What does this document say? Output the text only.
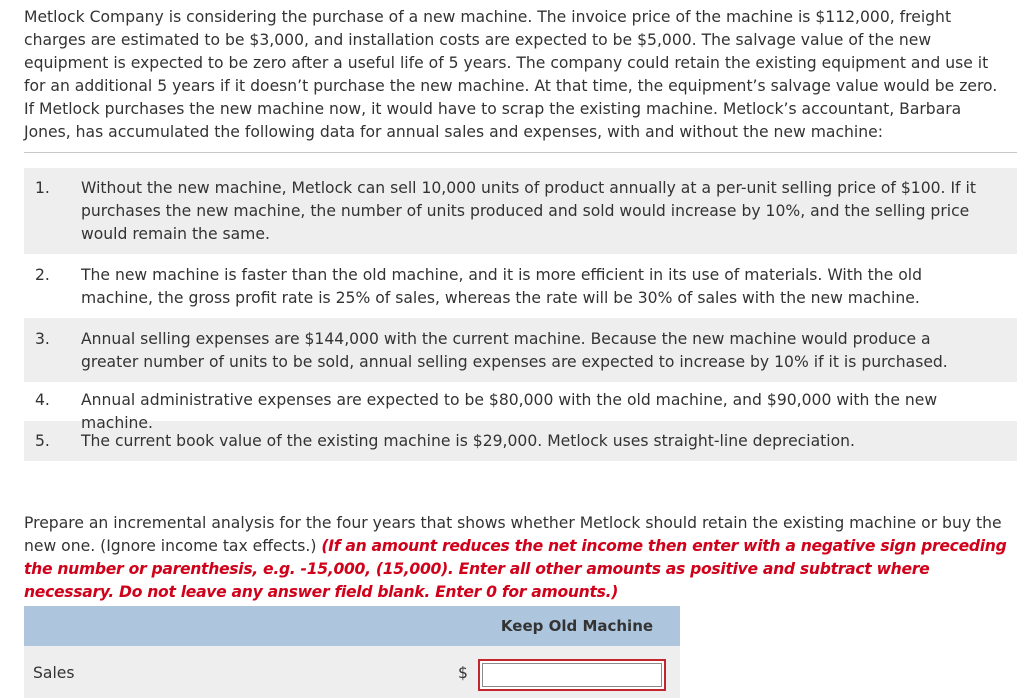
Metlock Company is considering the purchase of a new machine. The invoice price of the machine is $112,000, freight charges are estimated to be $3,000, and installation costs are expected to be $5,000. The salvage value of the new equipment is expected to be zero after a useful life of 5 years. The company could retain the existing equipment and use it for an additional 5 years if it doesn’t purchase the new machine. At that time, the equipment’s salvage value would be zero. If Metlock purchases the new machine now, it would have to scrap the existing machine. Metlock’s accountant, Barbara Jones, has accumulated the following data for annual sales and expenses, with and without the new machine:
1.	Without the new machine, Metlock can sell 10,000 units of product annually at a per-unit selling price of $100. If it purchases the new machine, the number of units produced and sold would increase by 10%, and the selling price would remain the same.
2.	The new machine is faster than the old machine, and it is more efficient in its use of materials. With the old machine, the gross profit rate is 25% of sales, whereas the rate will be 30% of sales with the new machine.
3.	Annual selling expenses are $144,000 with the current machine. Because the new machine would produce a greater number of units to be sold, annual selling expenses are expected to increase by 10% if it is purchased.
4.	Annual administrative expenses are expected to be $80,000 with the old machine, and $90,000 with the new machine.
5.	The current book value of the existing machine is $29,000. Metlock uses straight-line depreciation.
Prepare an incremental analysis for the four years that shows whether Metlock should retain the existing machine or buy the new one. (Ignore income tax effects.) (If an amount reduces the net income then enter with a negative sign preceding the number or parenthesis, e.g. -15,000, (15,000). Enter all other amounts as positive and subtract where necessary. Do not leave any answer field blank. Enter 0 for amounts.)
Keep Old Machine
Sales	$
